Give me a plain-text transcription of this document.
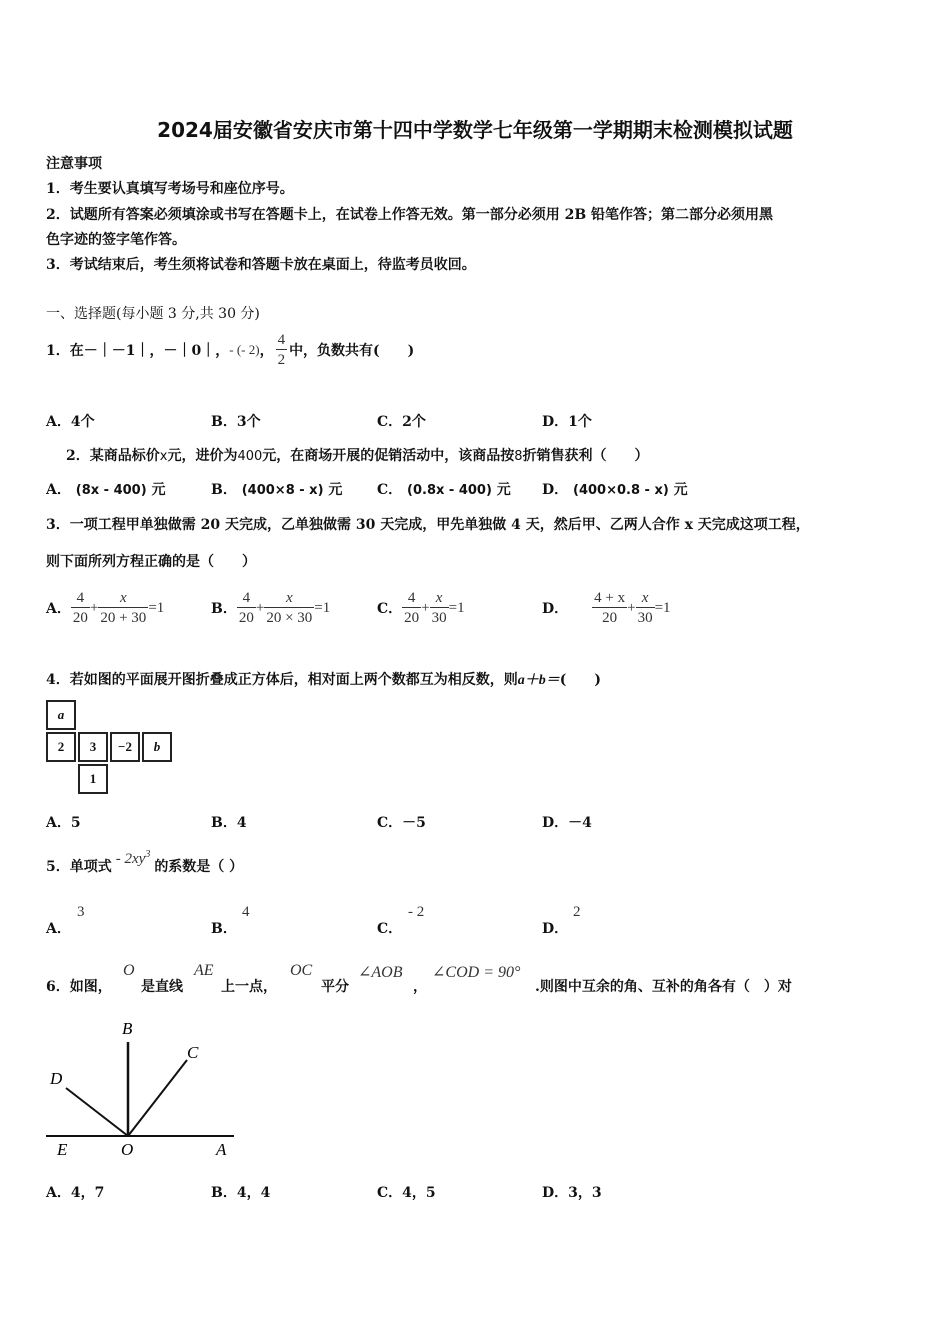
2024届安徽省安庆市第十四中学数学七年级第一学期期末检测模拟试题
注意事项
1．考生要认真填写考场号和座位序号。
2．试题所有答案必须填涂或书写在答题卡上，在试卷上作答无效。第一部分必须用 2B 铅笔作答；第二部分必须用黑
色字迹的签字笔作答。
3．考试结束后，考生须将试卷和答题卡放在桌面上，待监考员收回。
一、选择题(每小题 3 分,共 30 分)
1．在－｜－1｜，－｜0｜， - (- 2) ， $\frac{4}{2}$ 中，负数共有(　　)
A．4个	B．3个	C．2个	D．1个
2．某商品标价x元，进价为400元，在商场开展的促销活动中，该商品按8折销售获利（　　）
A． (8x - 400) 元	B． (400×8 - x) 元 C． (0.8x - 400) 元 D． (400×0.8 - x) 元
3．一项工程甲单独做需 20 天完成，乙单独做需 30 天完成，甲先单独做 4 天，然后甲、乙两人合作 x 天完成这项工程，
则下面所列方程正确的是（　　）
A． $\frac{4}{20} + \frac{x}{20 + 30} =1$	B． $\frac{4}{20} + \frac{x}{20 \times 30} =1$	C． $\frac{4}{20} + \frac{x}{30} =1$	D． $\frac{4 + x}{20} + \frac{x}{30} =1$
4．若如图的平面展开图折叠成正方体后，相对面上两个数都互为相反数，则a＋b＝(　　)
a
2	3	−2	b
1
A．5	B．4	C．－5	D．－4
5．单项式
- $2xy^3$
的系数是（ ）
A．
3
B．
4
C．
- 2
D．
2
6．如图，
O
是直线
AE
上一点，
OC
平分
∠AOB
，
∠COD = 90°
.则图中互余的角、互补的角各有（　）对
B
C
D
E	O	A
A．4，7	B．4，4	C．4，5	D．3，3
